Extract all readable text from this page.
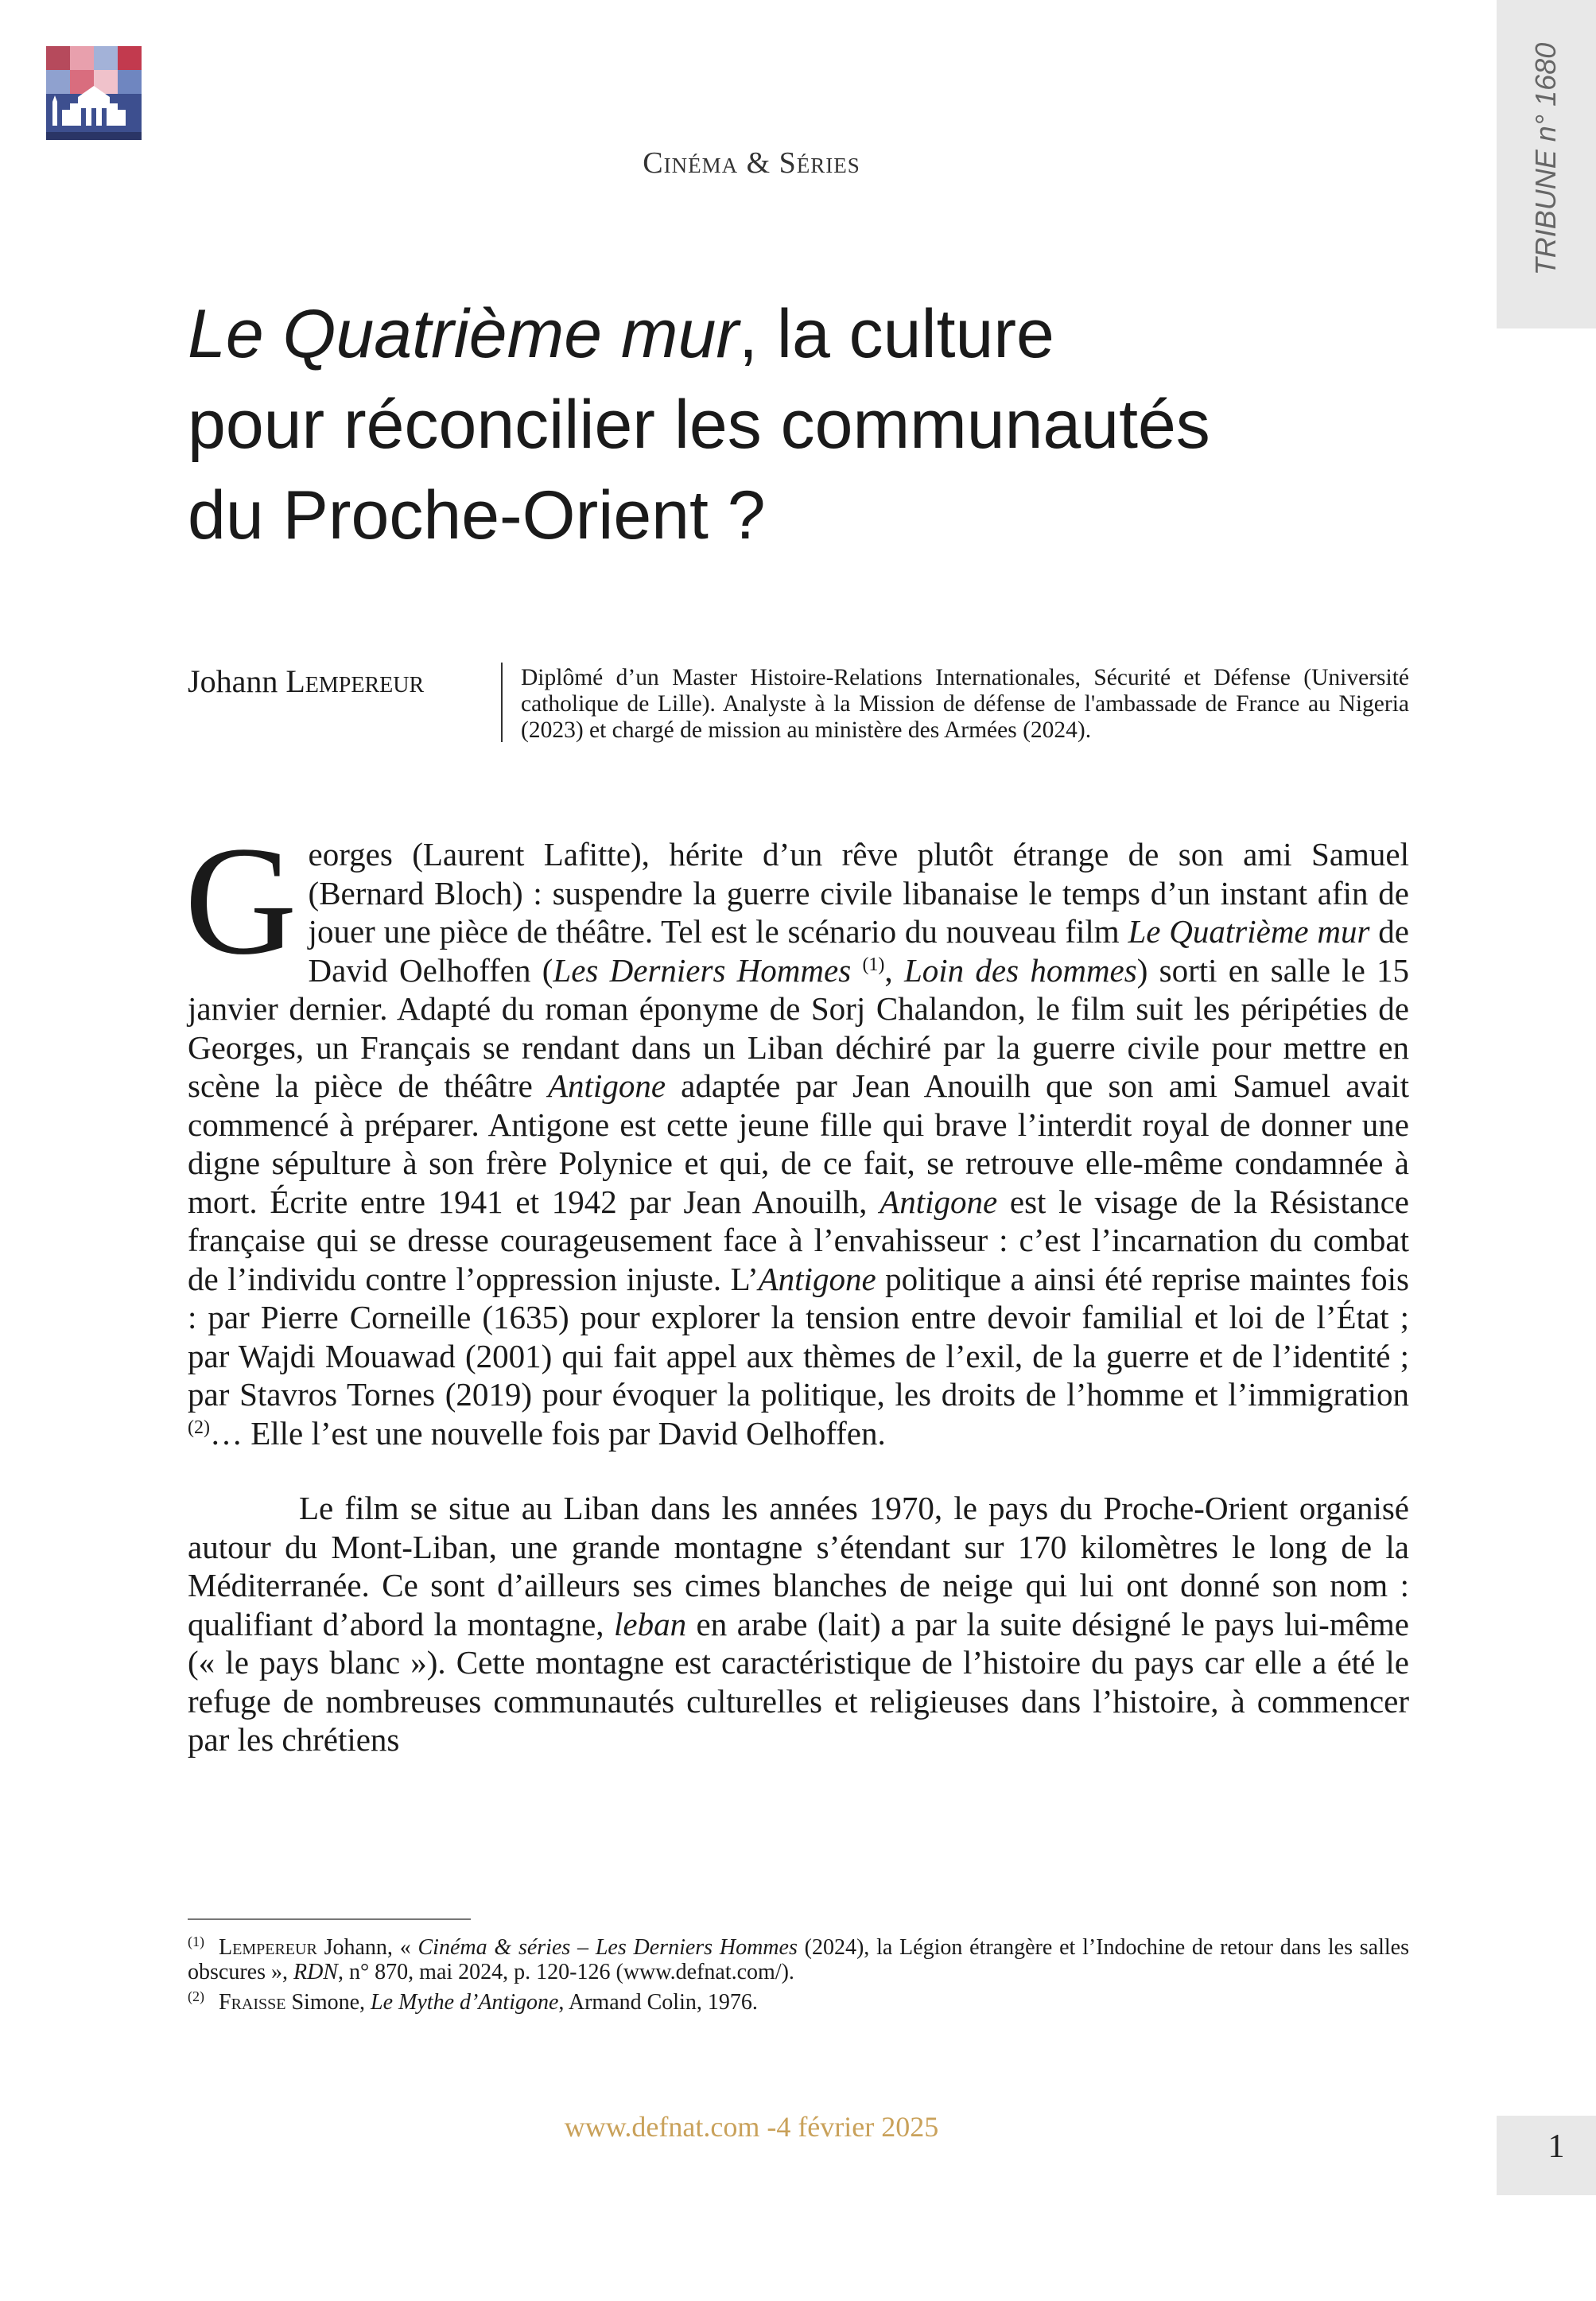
TRIBUNE n° 1680
Cinéma & Séries
Le Quatrième mur, la culture
pour réconcilier les communautés
du Proche-Orient ?
Johann Lempereur	Diplômé d’un Master Histoire-Relations Internationales, Sécurité et Défense (Université catholique de Lille). Analyste à la Mission de défense de l'ambassade de France au Nigeria (2023) et chargé de mission au ministère des Armées (2024).

Georges (Laurent Lafitte), hérite d’un rêve plutôt étrange de son ami Samuel (Bernard Bloch) : suspendre la guerre civile libanaise le temps d’un instant afin de jouer une pièce de théâtre. Tel est le scénario du nouveau film Le Quatrième mur de David Oelhoffen (Les Derniers Hommes $^{(1)}$, Loin des hommes) sorti en salle le 15 janvier dernier. Adapté du roman éponyme de Sorj Chalandon, le film suit les péripéties de Georges, un Français se rendant dans un Liban déchiré par la guerre civile pour mettre en scène la pièce de théâtre Antigone adaptée par Jean Anouilh que son ami Samuel avait commencé à préparer. Antigone est cette jeune fille qui brave l’interdit royal de donner une digne sépulture à son frère Polynice et qui, de ce fait, se retrouve elle-même condamnée à mort. Écrite entre 1941 et 1942 par Jean Anouilh, Antigone est le visage de la Résistance française qui se dresse courageusement face à l’envahisseur : c’est l’incarnation du combat de l’individu contre l’oppression injuste. L’Antigone politique a ainsi été reprise maintes fois : par Pierre Corneille (1635) pour explorer la tension entre devoir familial et loi de l’État ; par Wajdi Mouawad (2001) qui fait appel aux thèmes de l’exil, de la guerre et de l’identité ; par Stavros Tornes (2019) pour évoquer la politique, les droits de l’homme et l’immigration $^{(2)}$… Elle l’est une nouvelle fois par David Oelhoffen.

Le film se situe au Liban dans les années 1970, le pays du Proche-Orient organisé autour du Mont-Liban, une grande montagne s’étendant sur 170 kilomètres le long de la Méditerranée. Ce sont d’ailleurs ses cimes blanches de neige qui lui ont donné son nom : qualifiant d’abord la montagne, leban en arabe (lait) a par la suite désigné le pays lui-même (« le pays blanc »). Cette montagne est caractéristique de l’histoire du pays car elle a été le refuge de nombreuses communautés culturelles et religieuses dans l’histoire, à commencer par les chrétiens

$^{(1)}$ Lempereur Johann, « Cinéma & séries – Les Derniers Hommes (2024), la Légion étrangère et l’Indochine de retour dans les salles obscures », RDN, n° 870, mai 2024, p. 120-126 (www.defnat.com/).

$^{(2)}$ Fraisse Simone, Le Mythe d’Antigone, Armand Colin, 1976.

www.defnat.com -4 février 2025
1
